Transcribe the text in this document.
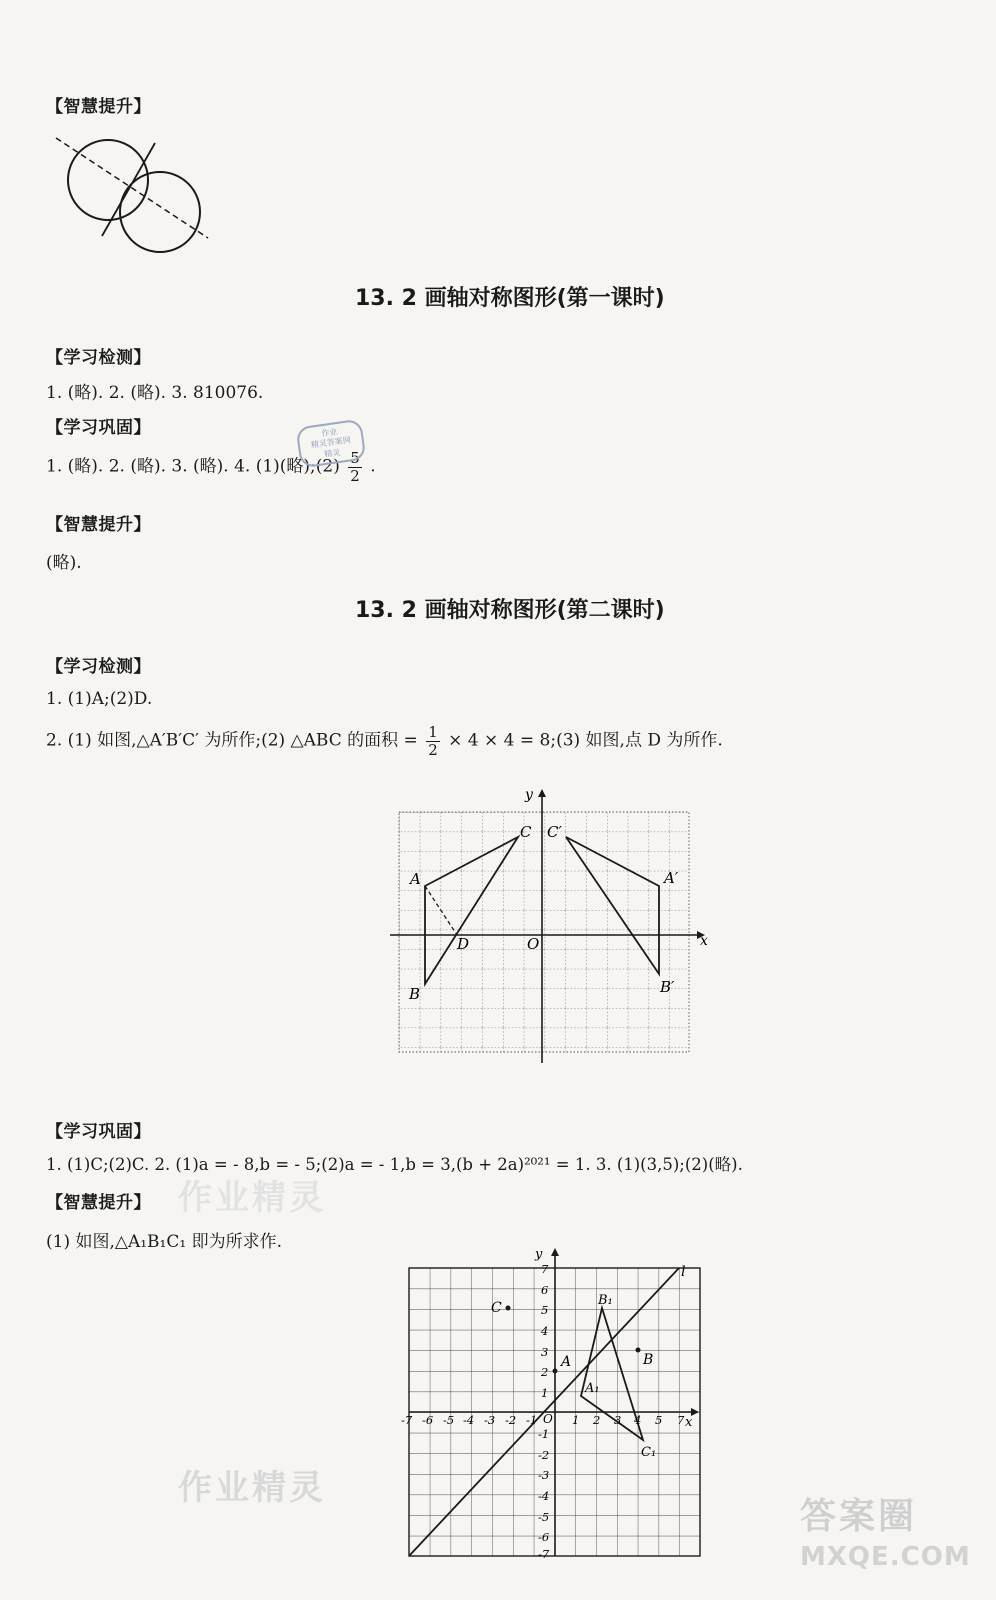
【智慧提升】
13. 2 画轴对称图形(第一课时)
【学习检测】
1. (略). 2. (略). 3. 810076.
【学习巩固】
1. (略). 2. (略). 3. (略). 4. (1)(略);(2) $\frac{5}{2}$ .
作业
精灵答案网
精灵
【智慧提升】
(略).
13. 2 画轴对称图形(第二课时)
【学习检测】
1. (1)A;(2)D.
2. (1) 如图,△A′B′C′ 为所作;(2) △ABC 的面积 = $\frac{1}{2} \times 4 \times 4$ = 8;(3) 如图,点 D 为所作.
A
B
C
D	O
C′
A′
B′
x
y
【学习巩固】
1. (1)C;(2)C. 2. (1)a = - 8,b = - 5;(2)a = - 1,b = 3,(b + 2a)²⁰²¹ = 1. 3. (1)(3,5);(2)(略).
【智慧提升】
(1) 如图,△A₁B₁C₁ 即为所求作.
作业精灵
作业精灵
答案圈
MXQE.COM
A	B
C
A₁
B₁
C₁
l
x
y
O
-7 -6 -5 -4 -3 -2 -1	1 2 3 4 5 7
7
6
5
4
3
2
1
-1
-2
-3
-4
-5
-6
-7
